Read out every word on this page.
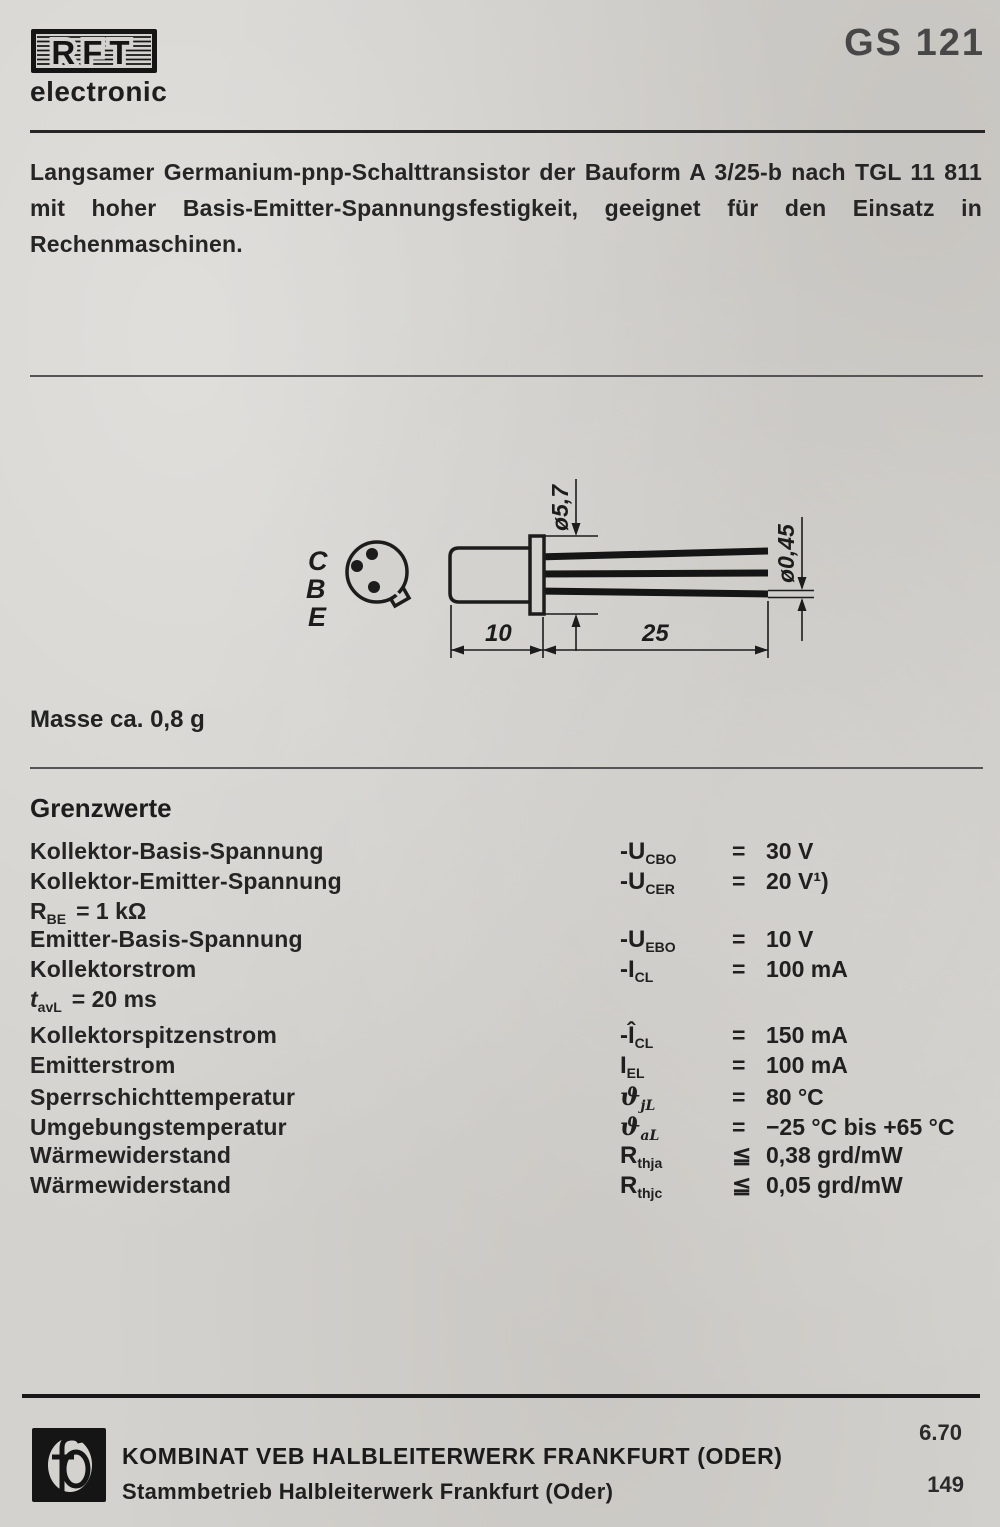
RFT
electronic
GS 121
Langsamer Germanium-pnp-Schalttransistor der Bauform A 3/25-b nach TGL 11 811 mit hoher Basis-Emitter-Spannungsfestigkeit, geeignet für den Einsatz in Rechenmaschinen.
C
B
E
ø5,7
ø0,45
10	25
Masse ca. 0,8 g
Grenzwerte
Kollektor-Basis-Spannung	$-U_{CBO}$	= 30 V
Kollektor-Emitter-Spannung	$-U_{CER}$	= 20 V¹)
$R_{BE} = 1$ kΩ
Emitter-Basis-Spannung	$-U_{EBO}$	= 10 V
Kollektorstrom	$-I_{CL}$	= 100 mA
$t_{avL} = 20$ ms
Kollektorspitzenstrom	$-Î_{CL}$	= 150 mA
Emitterstrom	$I_{EL}$	= 100 mA
Sperrschichttemperatur	$ϑ_{jL}$	= 80 °C
Umgebungstemperatur	$ϑ_{aL}$	= −25 °C bis +65 °C
Wärmewiderstand	$R_{thja}$	≦ 0,38 grd/mW
Wärmewiderstand	$R_{thjc}$	≦ 0,05 grd/mW
KOMBINAT VEB HALBLEITERWERK FRANKFURT (ODER)
Stammbetrieb Halbleiterwerk Frankfurt (Oder)
6.70
149
